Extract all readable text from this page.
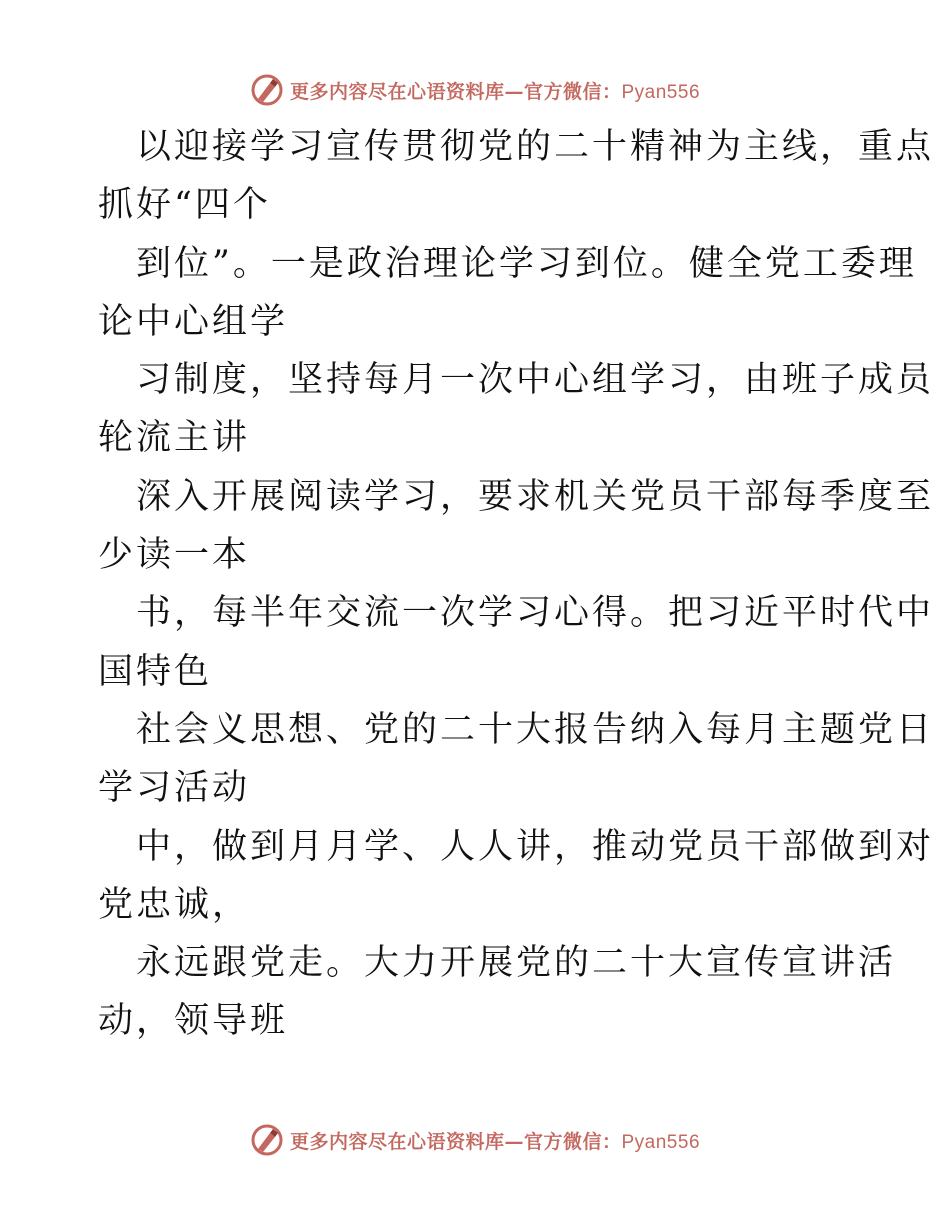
更多内容尽在心语资料库—官方微信：Pyan556
以迎接学习宣传贯彻党的二十精神为主线，重点
抓好“四个
到位”。一是政治理论学习到位。健全党工委理
论中心组学
习制度，坚持每月一次中心组学习，由班子成员
轮流主讲
深入开展阅读学习，要求机关党员干部每季度至
少读一本
书，每半年交流一次学习心得。把习近平时代中
国特色
社会义思想、党的二十大报告纳入每月主题党日
学习活动
中，做到月月学、人人讲，推动党员干部做到对
党忠诚，
永远跟党走。大力开展党的二十大宣传宣讲活
动，领导班
更多内容尽在心语资料库—官方微信：Pyan556
